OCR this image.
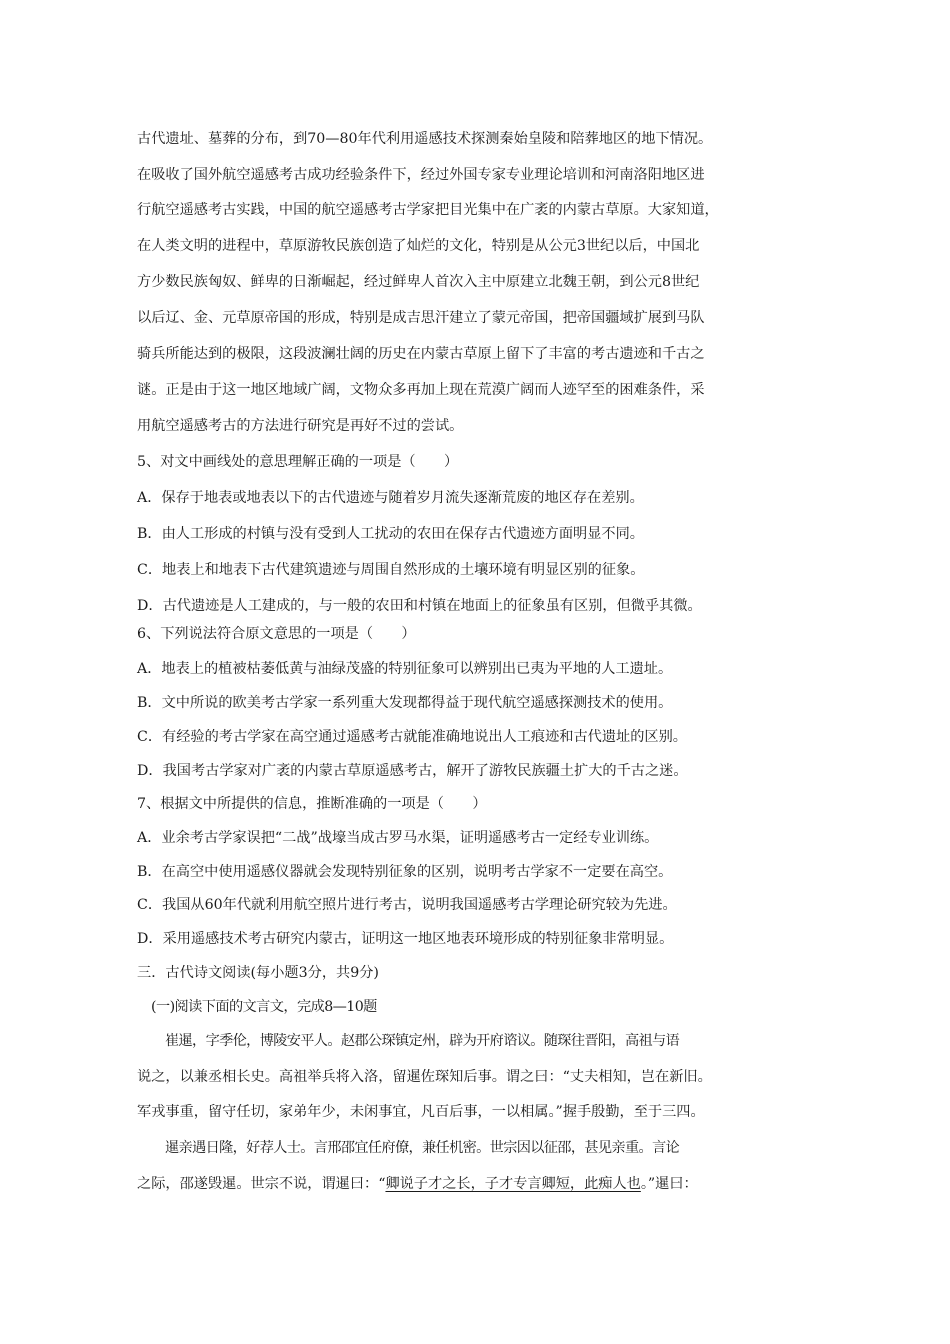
古代遗址、墓葬的分布，到70—80年代利用遥感技术探测秦始皇陵和陪葬地区的地下情况。
在吸收了国外航空遥感考古成功经验条件下，经过外国专家专业理论培训和河南洛阳地区进
行航空遥感考古实践，中国的航空遥感考古学家把目光集中在广袤的内蒙古草原。大家知道，
在人类文明的进程中，草原游牧民族创造了灿烂的文化，特别是从公元3世纪以后，中国北
方少数民族匈奴、鲜卑的日渐崛起，经过鲜卑人首次入主中原建立北魏王朝，到公元8世纪
以后辽、金、元草原帝国的形成，特别是成吉思汗建立了蒙元帝国，把帝国疆域扩展到马队
骑兵所能达到的极限，这段波澜壮阔的历史在内蒙古草原上留下了丰富的考古遗迹和千古之
谜。正是由于这一地区地域广阔，文物众多再加上现在荒漠广阔而人迹罕至的困难条件，采
用航空遥感考古的方法进行研究是再好不过的尝试。
5、对文中画线处的意思理解正确的一项是（　　）
A．保存于地表或地表以下的古代遗迹与随着岁月流失逐渐荒废的地区存在差别。
B．由人工形成的村镇与没有受到人工扰动的农田在保存古代遗迹方面明显不同。
C．地表上和地表下古代建筑遗迹与周围自然形成的土壤环境有明显区别的征象。
D．古代遗迹是人工建成的，与一般的农田和村镇在地面上的征象虽有区别，但微乎其微。
6、下列说法符合原文意思的一项是（　　）
A．地表上的植被枯萎低黄与油绿茂盛的特别征象可以辨别出已夷为平地的人工遗址。
B．文中所说的欧美考古学家一系列重大发现都得益于现代航空遥感探测技术的使用。
C．有经验的考古学家在高空通过遥感考古就能准确地说出人工痕迹和古代遗址的区别。
D．我国考古学家对广袤的内蒙古草原遥感考古，解开了游牧民族疆土扩大的千古之迷。
7、根据文中所提供的信息，推断准确的一项是（　　）
A．业余考古学家误把“二战”战壕当成古罗马水渠，证明遥感考古一定经专业训练。
B．在高空中使用遥感仪器就会发现特别征象的区别，说明考古学家不一定要在高空。
C．我国从60年代就利用航空照片进行考古，说明我国遥感考古学理论研究较为先进。
D．采用遥感技术考古研究内蒙古，证明这一地区地表环境形成的特别征象非常明显。
三．古代诗文阅读(每小题3分，共9分)
(一)阅读下面的文言文，完成8—10题
崔暹，字季伦，博陵安平人。赵郡公琛镇定州，辟为开府谘议。随琛往晋阳，高祖与语
说之，以兼丞相长史。高祖举兵将入洛，留暹佐琛知后事。谓之曰：“丈夫相知，岂在新旧。
军戎事重，留守任切，家弟年少，未闲事宜，凡百后事，一以相属。”握手殷勤，至于三四。
暹亲遇日隆，好荐人士。言邢邵宜任府僚，兼任机密。世宗因以征邵，甚见亲重。言论
之际，邵遂毁暹。世宗不说，谓暹曰：“卿说子才之长，子才专言卿短，此痴人也。”暹曰：
